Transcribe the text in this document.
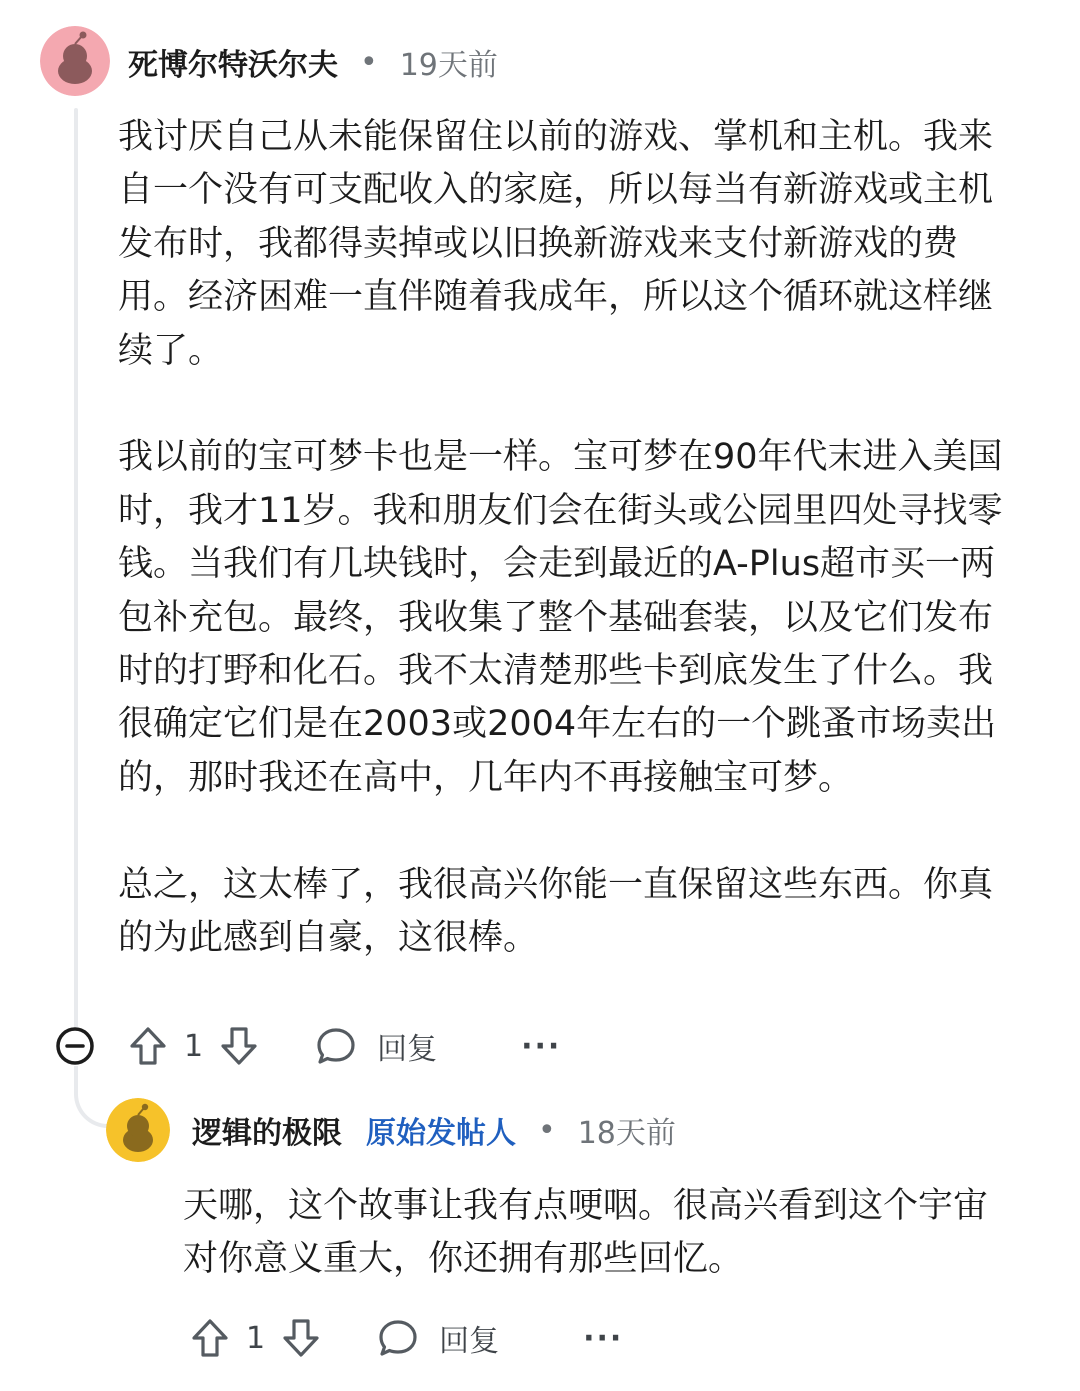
死博尔特沃尔夫 • 19天前

我讨厌自己从未能保留住以前的游戏、掌机和主机。我来自一个没有可支配收入的家庭，所以每当有新游戏或主机发布时，我都得卖掉或以旧换新游戏来支付新游戏的费用。经济困难一直伴随着我成年，所以这个循环就这样继续了。

我以前的宝可梦卡也是一样。宝可梦在90年代末进入美国时，我才11岁。我和朋友们会在街头或公园里四处寻找零钱。当我们有几块钱时，会走到最近的A-Plus超市买一两包补充包。最终，我收集了整个基础套装，以及它们发布时的打野和化石。我不太清楚那些卡到底发生了什么。我很确定它们是在2003或2004年左右的一个跳蚤市场卖出的，那时我还在高中，几年内不再接触宝可梦。

总之，这太棒了，我很高兴你能一直保留这些东西。你真的为此感到自豪，这很棒。

1	回复	···
逻辑的极限 原始发帖人 • 18天前

天哪，这个故事让我有点哽咽。很高兴看到这个宇宙对你意义重大，你还拥有那些回忆。

1	回复	···
